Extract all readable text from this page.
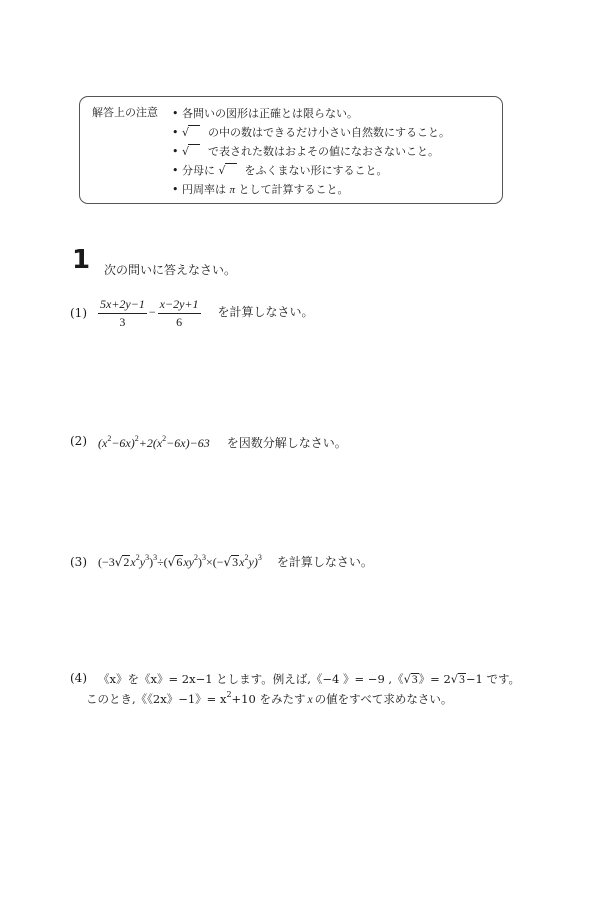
解答上の注意 • 各問いの図形は正確とは限らない。
• √ の中の数はできるだけ小さい自然数にすること。
• √ で表された数はおよその値になおさないこと。
• 分母に √ をふくまない形にすること。
• 円周率は π として計算すること。
1 次の問いに答えなさい。
$(1) \frac{5x+2y-1}{3} - \frac{x-2y+1}{6}$ を計算しなさい。
(2) $(x^2-6x)^2+2(x^2-6x)-63$ を因数分解しなさい。
(3) $(-3√2x^2y^3)^3\div(√6xy^2)^3\times(-√3x^2y)^3$ を計算しなさい。
(4) 《x》を《x》= 2x−1 とします。例えば,《−4 》= −9 ,《√3》= 2√3−1 です。
このとき,《《2x》−1》= $x^2+10$ をみたす x の値をすべて求めなさい。
